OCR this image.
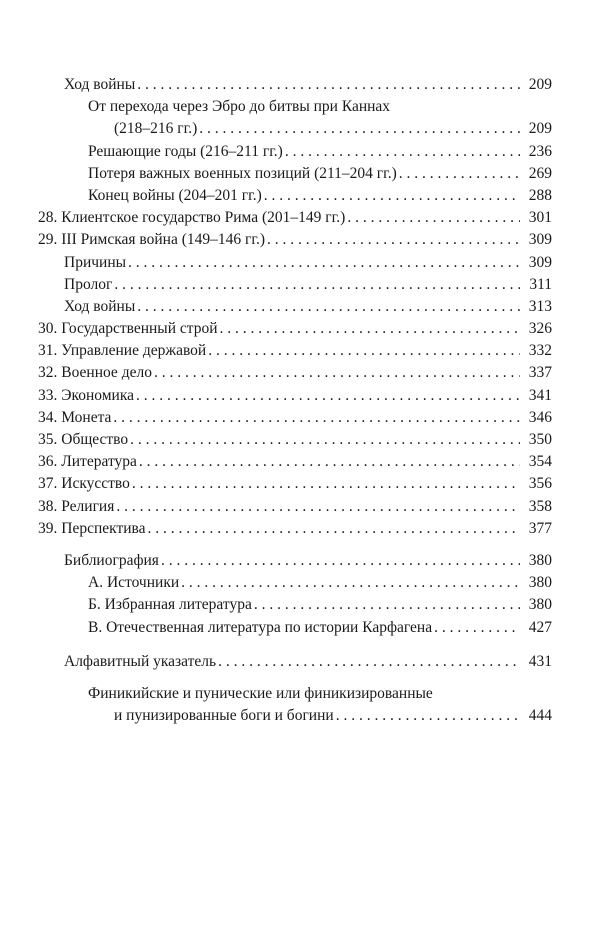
Ход войны . . .	209
От перехода через Эбро до битвы при Каннах
(218–216 гг.) . . .	209
Решающие годы (216–211 гг.) . . .	236
Потеря важных военных позиций (211–204 гг.) . . .	269
Конец войны (204–201 гг.) . . .	288
28. Клиентское государство Рима (201–149 гг.) . . .	301
29. III Римская война (149–146 гг.) . . .	309
Причины . . .	309
Пролог . . .	311
Ход войны . . .	313
30. Государственный строй . . .	326
31. Управление державой . . .	332
32. Военное дело . . .	337
33. Экономика . . .	341
34. Монета . . .	346
35. Общество . . .	350
36. Литература . . .	354
37. Искусство . . .	356
38. Религия . . .	358
39. Перспектива . . .	377
Библиография . . .	380
А. Источники . . .	380
Б. Избранная литература . . .	380
В. Отечественная литература по истории Карфагена . . .	427
Алфавитный указатель . . .	431
Финикийские и пунические или финикизированные
и пунизированные боги и богини . . .	444
